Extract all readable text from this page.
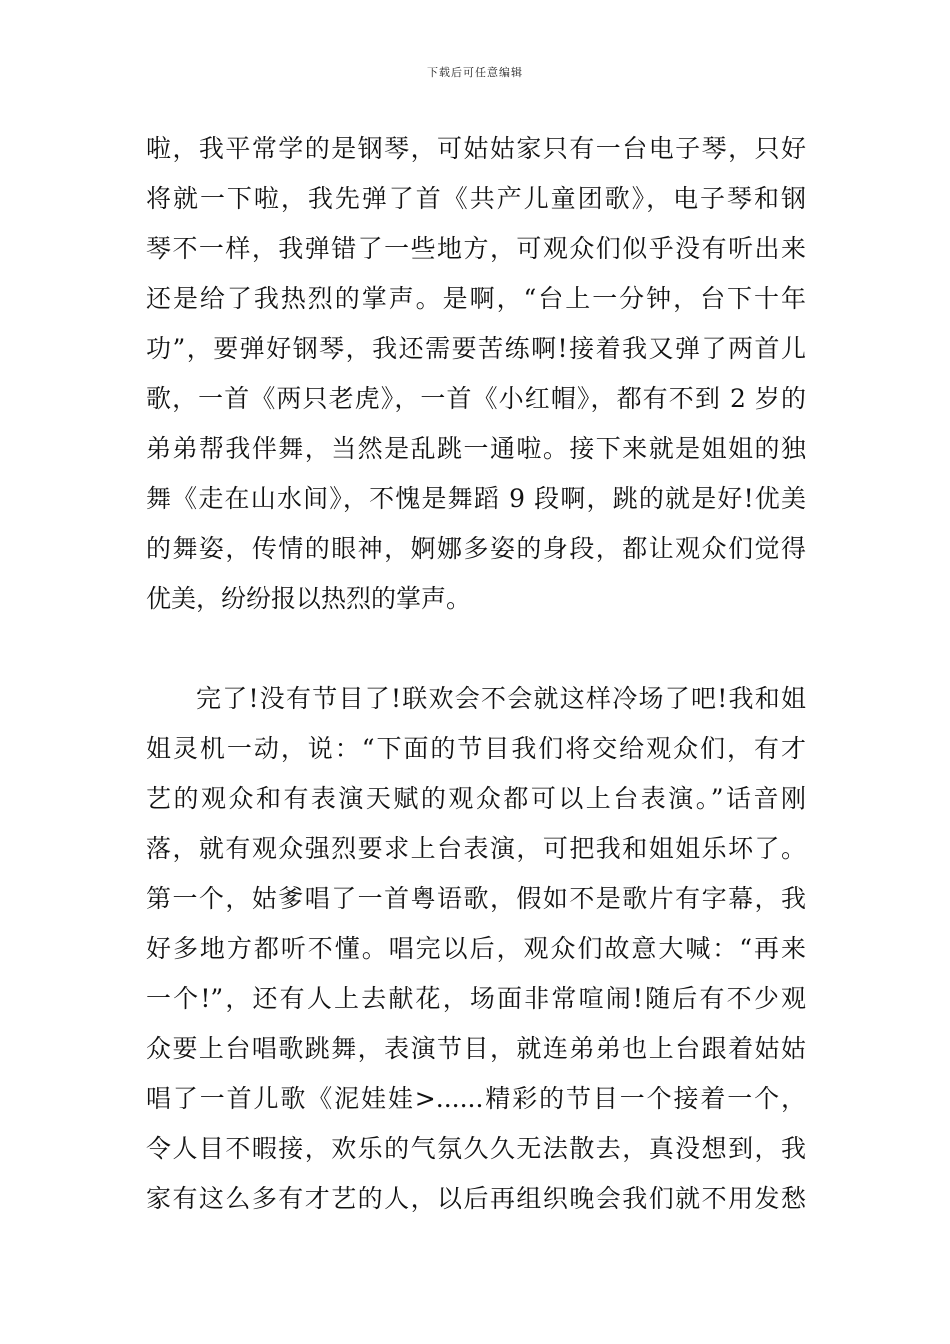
下载后可任意编辑
啦，我平常学的是钢琴，可姑姑家只有一台电子琴，只好
将就一下啦，我先弹了首《共产儿童团歌》，电子琴和钢
琴不一样，我弹错了一些地方，可观众们似乎没有听出来
还是给了我热烈的掌声。是啊，“台上一分钟，台下十年
功”，要弹好钢琴，我还需要苦练啊!接着我又弹了两首儿
歌，一首《两只老虎》，一首《小红帽》，都有不到 2 岁的
弟弟帮我伴舞，当然是乱跳一通啦。接下来就是姐姐的独
舞《走在山水间》，不愧是舞蹈 9 段啊，跳的就是好!优美
的舞姿，传情的眼神，婀娜多姿的身段，都让观众们觉得
优美，纷纷报以热烈的掌声。
完了!没有节目了!联欢会不会就这样冷场了吧!我和姐
姐灵机一动，说：“下面的节目我们将交给观众们，有才
艺的观众和有表演天赋的观众都可以上台表演。”话音刚
落，就有观众强烈要求上台表演，可把我和姐姐乐坏了。
第一个，姑爹唱了一首粤语歌，假如不是歌片有字幕，我
好多地方都听不懂。唱完以后，观众们故意大喊：“再来
一个!”，还有人上去献花，场面非常喧闹!随后有不少观
众要上台唱歌跳舞，表演节目，就连弟弟也上台跟着姑姑
唱了一首儿歌《泥娃娃>......精彩的节目一个接着一个，
令人目不暇接，欢乐的气氛久久无法散去，真没想到，我
家有这么多有才艺的人，以后再组织晚会我们就不用发愁
